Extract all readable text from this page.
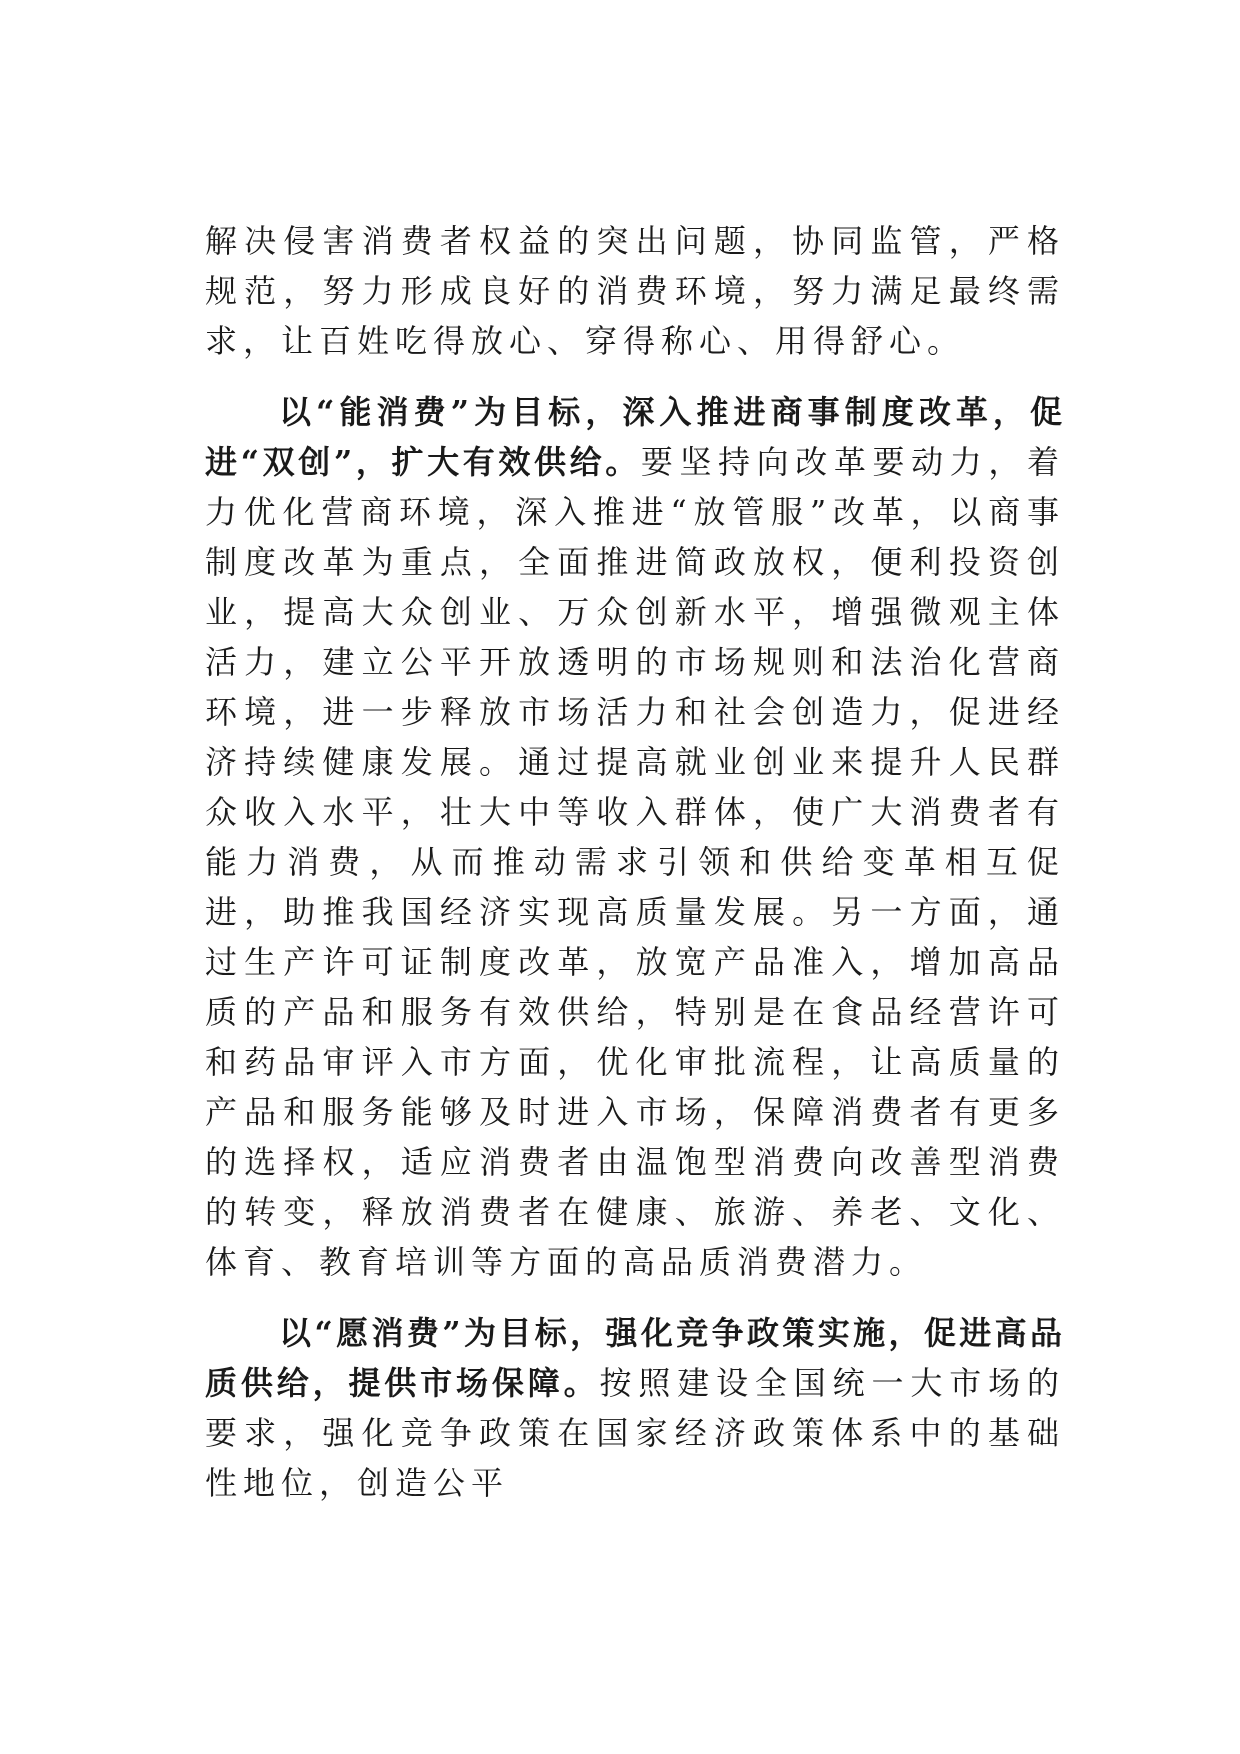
解决侵害消费者权益的突出问题，协同监管，严格规范，努力形成良好的消费环境，努力满足最终需求，让百姓吃得放心、穿得称心、用得舒心。

以“能消费”为目标，深入推进商事制度改革，促进“双创”，扩大有效供给。要坚持向改革要动力，着力优化营商环境，深入推进“放管服”改革，以商事制度改革为重点，全面推进简政放权，便利投资创业，提高大众创业、万众创新水平，增强微观主体活力，建立公平开放透明的市场规则和法治化营商环境，进一步释放市场活力和社会创造力，促进经济持续健康发展。通过提高就业创业来提升人民群众收入水平，壮大中等收入群体，使广大消费者有能力消费，从而推动需求引领和供给变革相互促进，助推我国经济实现高质量发展。另一方面，通过生产许可证制度改革，放宽产品准入，增加高品质的产品和服务有效供给，特别是在食品经营许可和药品审评入市方面，优化审批流程，让高质量的产品和服务能够及时进入市场，保障消费者有更多的选择权，适应消费者由温饱型消费向改善型消费的转变，释放消费者在健康、旅游、养老、文化、体育、教育培训等方面的高品质消费潜力。

以“愿消费”为目标，强化竞争政策实施，促进高品质供给，提供市场保障。按照建设全国统一大市场的要求，强化竞争政策在国家经济政策体系中的基础性地位，创造公平
